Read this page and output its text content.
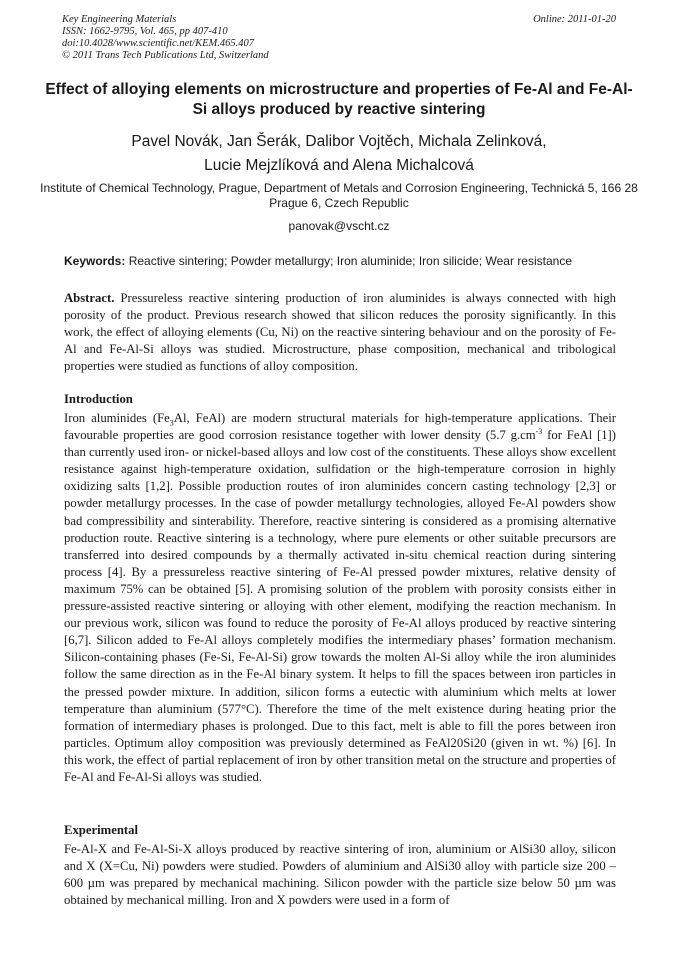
Key Engineering Materials
ISSN: 1662-9795, Vol. 465, pp 407-410
doi:10.4028/www.scientific.net/KEM.465.407
© 2011 Trans Tech Publications Ltd, Switzerland
Online: 2011-01-20
Effect of alloying elements on microstructure and properties of Fe-Al and Fe-Al-Si alloys produced by reactive sintering
Pavel Novák, Jan Šerák, Dalibor Vojtěch, Michala Zelinková,
Lucie Mejzlíková and Alena Michalcová
Institute of Chemical Technology, Prague, Department of Metals and Corrosion Engineering, Technická 5, 166 28 Prague 6, Czech Republic
panovak@vscht.cz
Keywords: Reactive sintering; Powder metallurgy; Iron aluminide; Iron silicide; Wear resistance
Abstract. Pressureless reactive sintering production of iron aluminides is always connected with high porosity of the product. Previous research showed that silicon reduces the porosity significantly. In this work, the effect of alloying elements (Cu, Ni) on the reactive sintering behaviour and on the porosity of Fe-Al and Fe-Al-Si alloys was studied. Microstructure, phase composition, mechanical and tribological properties were studied as functions of alloy composition.
Introduction
Iron aluminides ($Fe_3Al$, FeAl) are modern structural materials for high-temperature applications. Their favourable properties are good corrosion resistance together with lower density (5.7 $g.cm^{-3}$ for FeAl [1]) than currently used iron- or nickel-based alloys and low cost of the constituents. These alloys show excellent resistance against high-temperature oxidation, sulfidation or the high-temperature corrosion in highly oxidizing salts [1,2]. Possible production routes of iron aluminides concern casting technology [2,3] or powder metallurgy processes. In the case of powder metallurgy technologies, alloyed Fe-Al powders show bad compressibility and sinterability. Therefore, reactive sintering is considered as a promising alternative production route. Reactive sintering is a technology, where pure elements or other suitable precursors are transferred into desired compounds by a thermally activated in-situ chemical reaction during sintering process [4]. By a pressureless reactive sintering of Fe-Al pressed powder mixtures, relative density of maximum 75% can be obtained [5]. A promising solution of the problem with porosity consists either in pressure-assisted reactive sintering or alloying with other element, modifying the reaction mechanism. In our previous work, silicon was found to reduce the porosity of Fe-Al alloys produced by reactive sintering [6,7]. Silicon added to Fe-Al alloys completely modifies the intermediary phases’ formation mechanism. Silicon-containing phases (Fe-Si, Fe-Al-Si) grow towards the molten Al-Si alloy while the iron aluminides follow the same direction as in the Fe-Al binary system. It helps to fill the spaces between iron particles in the pressed powder mixture. In addition, silicon forms a eutectic with aluminium which melts at lower temperature than aluminium (577°C). Therefore the time of the melt existence during heating prior the formation of intermediary phases is prolonged. Due to this fact, melt is able to fill the pores between iron particles. Optimum alloy composition was previously determined as FeAl20Si20 (given in wt. %) [6]. In this work, the effect of partial replacement of iron by other transition metal on the structure and properties of Fe-Al and Fe-Al-Si alloys was studied.
Experimental
Fe-Al-X and Fe-Al-Si-X alloys produced by reactive sintering of iron, aluminium or AlSi30 alloy, silicon and X (X=Cu, Ni) powders were studied. Powders of aluminium and AlSi30 alloy with particle size 200 – 600 µm was prepared by mechanical machining. Silicon powder with the particle size below 50 µm was obtained by mechanical milling. Iron and X powders were used in a form of
